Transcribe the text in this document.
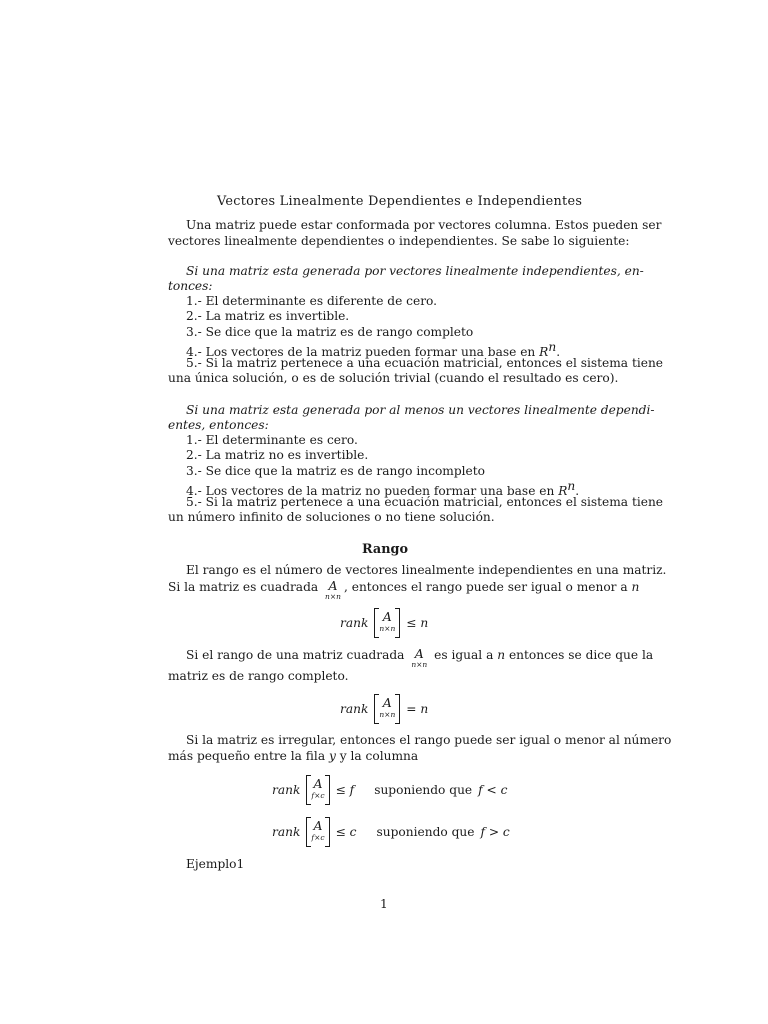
Vectores Linealmente Dependientes e Independientes
Una matriz puede estar conformada por vectores columna. Estos pueden ser
vectores linealmente dependientes o independientes. Se sabe lo siguiente:
Si una matriz esta generada por vectores linealmente independientes, en-
tonces:
1.- El determinante es diferente de cero.
2.- La matriz es invertible.
3.- Se dice que la matriz es de rango completo
4.- Los vectores de la matriz pueden formar una base en $R^n$.
5.- Si la matriz pertenece a una ecuación matricial, entonces el sistema tiene
una única solución, o es de solución trivial (cuando el resultado es cero).
Si una matriz esta generada por al menos un vectores linealmente dependi-
entes, entonces:
1.- El determinante es cero.
2.- La matriz no es invertible.
3.- Se dice que la matriz es de rango incompleto
4.- Los vectores de la matriz no pueden formar una base en $R^n$.
5.- Si la matriz pertenece a una ecuación matricial, entonces el sistema tiene
un número infinito de soluciones o no tiene solución.
Rango
El rango es el número de vectores linealmente independientes en una matriz.
Si la matriz es cuadrada A
n×n
, entonces el rango puede ser igual o menor a n
rank A
n×n ≤ n
Si el rango de una matriz cuadrada A
n×n
es igual a n entonces se dice que la
matriz es de rango completo.
rank A
n×n = n
Si la matriz es irregular, entonces el rango puede ser igual o menor al número
más pequeño entre la fila y y la columna
rank A
f×c ≤ f suponiendo que f < c
rank A
f×c ≤ c suponiendo que f > c
Ejemplo1
1
